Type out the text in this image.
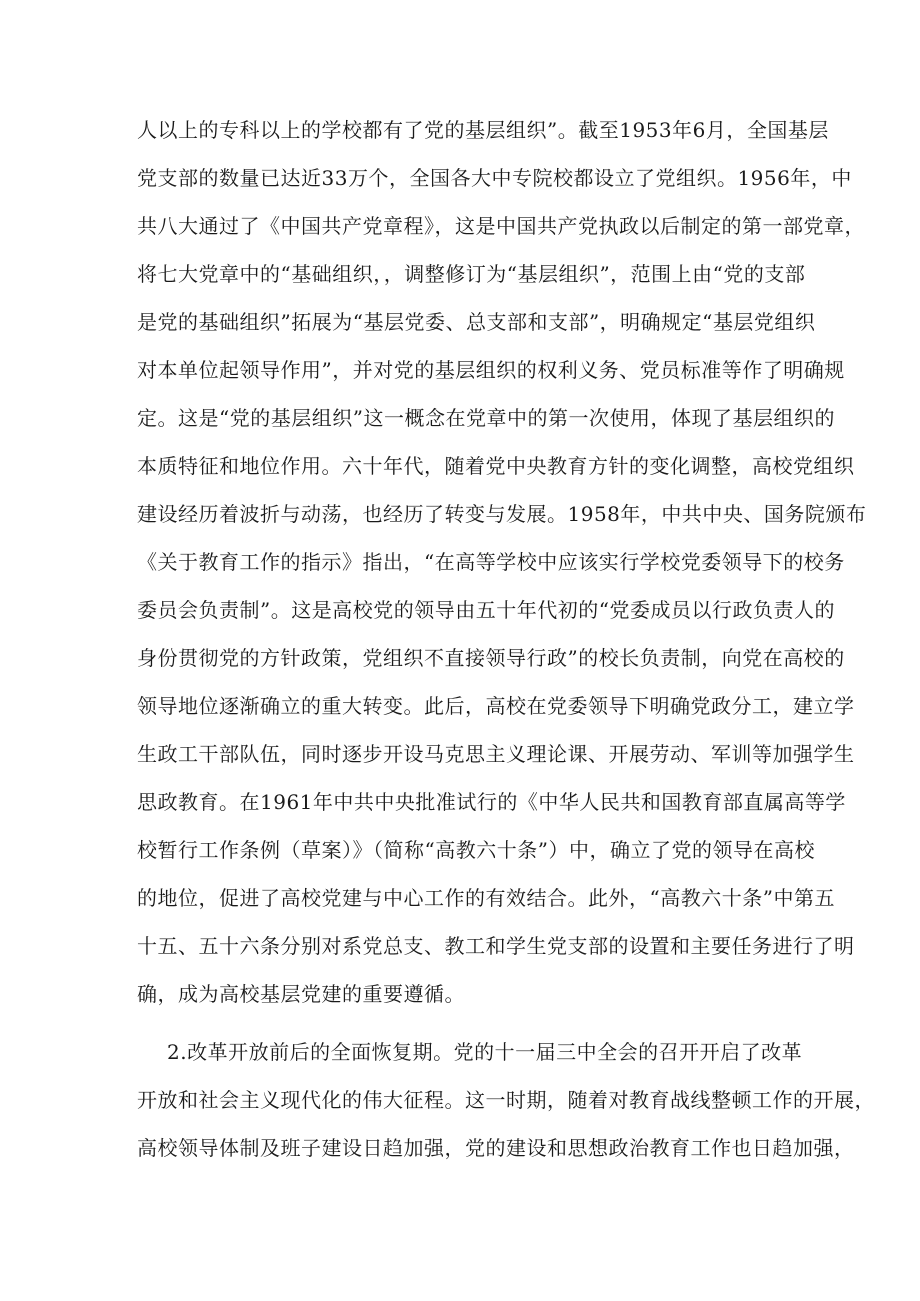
人以上的专科以上的学校都有了党的基层组织”。截至1953年6月，全国基层
党支部的数量已达近33万个，全国各大中专院校都设立了党组织。1956年，中
共八大通过了《中国共产党章程》，这是中国共产党执政以后制定的第一部党章，
将七大党章中的“基础组织，，调整修订为“基层组织”，范围上由“党的支部
是党的基础组织”拓展为“基层党委、总支部和支部”，明确规定“基层党组织
对本单位起领导作用”，并对党的基层组织的权利义务、党员标准等作了明确规
定。这是“党的基层组织”这一概念在党章中的第一次使用，体现了基层组织的
本质特征和地位作用。六十年代，随着党中央教育方针的变化调整，高校党组织
建设经历着波折与动荡，也经历了转变与发展。1958年，中共中央、国务院颁布
《关于教育工作的指示》指出，“在高等学校中应该实行学校党委领导下的校务
委员会负责制”。这是高校党的领导由五十年代初的“党委成员以行政负责人的
身份贯彻党的方针政策，党组织不直接领导行政”的校长负责制，向党在高校的
领导地位逐渐确立的重大转变。此后，高校在党委领导下明确党政分工，建立学
生政工干部队伍，同时逐步开设马克思主义理论课、开展劳动、军训等加强学生
思政教育。在1961年中共中央批准试行的《中华人民共和国教育部直属高等学
校暂行工作条例（草案）》（简称“高教六十条”）中，确立了党的领导在高校
的地位，促进了高校党建与中心工作的有效结合。此外，“高教六十条”中第五
十五、五十六条分别对系党总支、教工和学生党支部的设置和主要任务进行了明
确，成为高校基层党建的重要遵循。
2.改革开放前后的全面恢复期。党的十一届三中全会的召开开启了改革
开放和社会主义现代化的伟大征程。这一时期，随着对教育战线整顿工作的开展，
高校领导体制及班子建设日趋加强，党的建设和思想政治教育工作也日趋加强，
